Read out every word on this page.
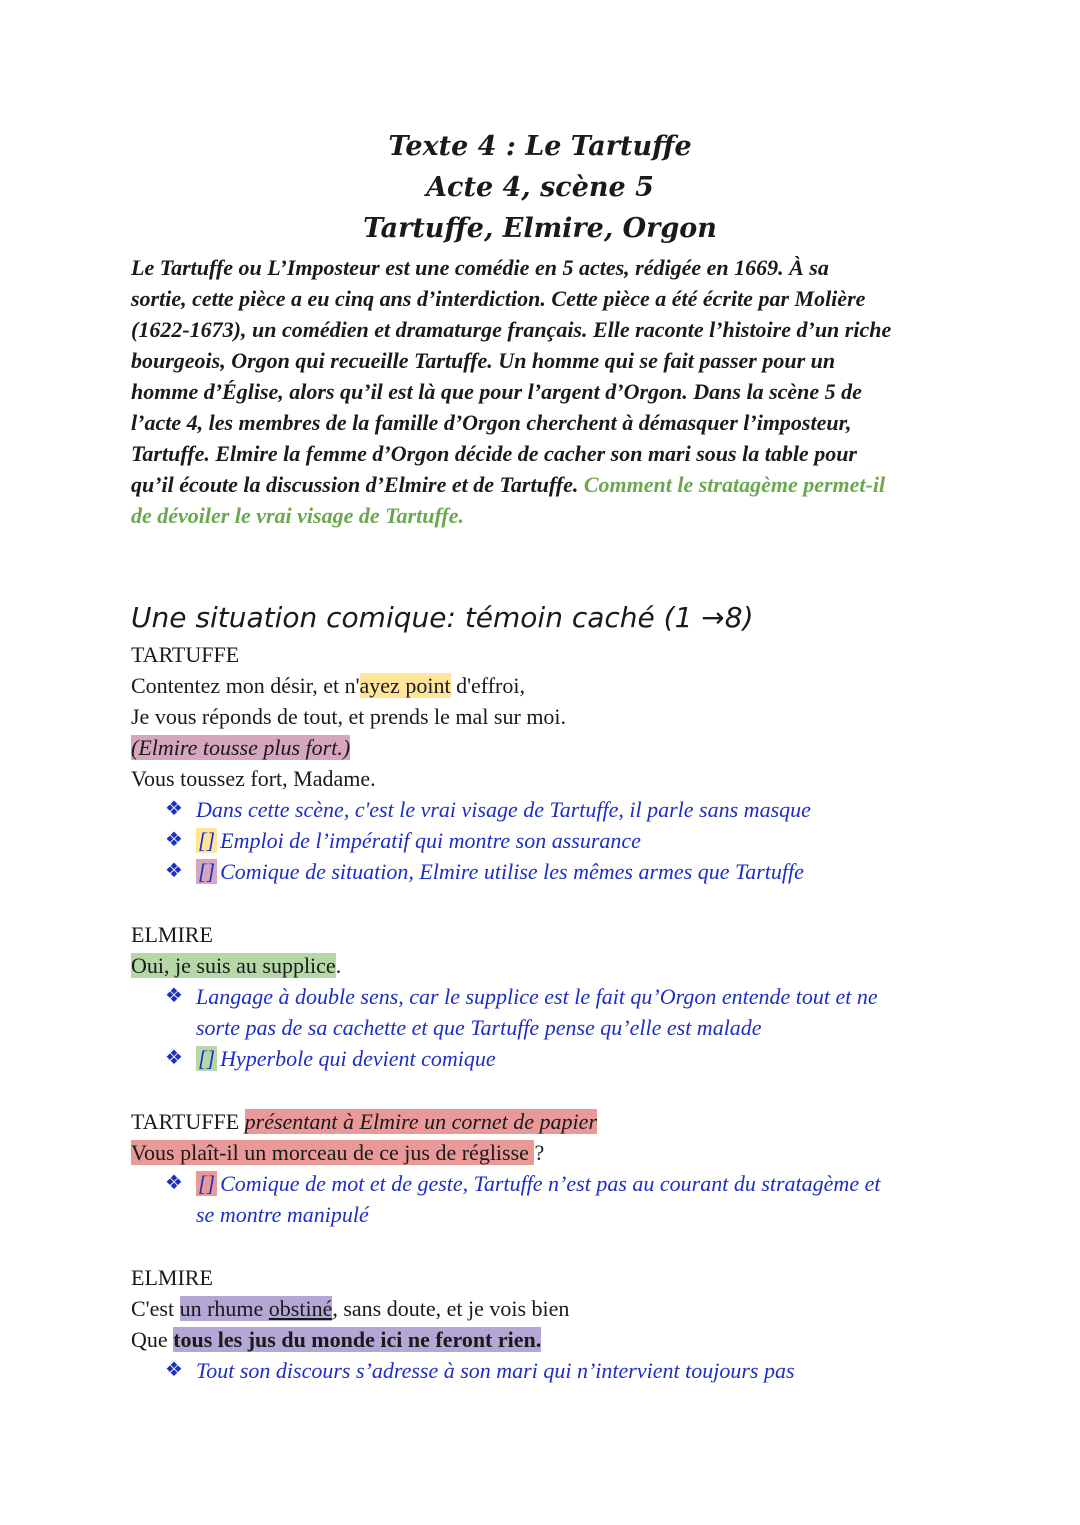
Texte 4 : Le Tartuffe
Acte 4, scène 5
Tartuffe, Elmire, Orgon
Le Tartuffe ou L’Imposteur est une comédie en 5 actes, rédigée en 1669. À sa
sortie, cette pièce a eu cinq ans d’interdiction. Cette pièce a été écrite par Molière
(1622-1673), un comédien et dramaturge français. Elle raconte l’histoire d’un riche
bourgeois, Orgon qui recueille Tartuffe. Un homme qui se fait passer pour un
homme d’Église, alors qu’il est là que pour l’argent d’Orgon. Dans la scène 5 de
l’acte 4, les membres de la famille d’Orgon cherchent à démasquer l’imposteur,
Tartuffe. Elmire la femme d’Orgon décide de cacher son mari sous la table pour
qu’il écoute la discussion d’Elmire et de Tartuffe. Comment le stratagème permet-il
de dévoiler le vrai visage de Tartuffe.
Une situation comique: témoin caché (1 →8)
TARTUFFE
Contentez mon désir, et n'ayez point d'effroi,
Je vous réponds de tout, et prends le mal sur moi.
(Elmire tousse plus fort.)
Vous toussez fort, Madame.
❖ Dans cette scène, c'est le vrai visage de Tartuffe, il parle sans masque
❖ [] Emploi de l’impératif qui montre son assurance
❖ [] Comique de situation, Elmire utilise les mêmes armes que Tartuffe
ELMIRE
Oui, je suis au supplice.
❖ Langage à double sens, car le supplice est le fait qu’Orgon entende tout et ne
sorte pas de sa cachette et que Tartuffe pense qu’elle est malade
❖ [] Hyperbole qui devient comique
TARTUFFE présentant à Elmire un cornet de papier
Vous plaît-il un morceau de ce jus de réglisse ?
❖ [] Comique de mot et de geste, Tartuffe n’est pas au courant du stratagème et
se montre manipulé
ELMIRE
C'est un rhume obstiné, sans doute, et je vois bien
Que tous les jus du monde ici ne feront rien.
❖ Tout son discours s’adresse à son mari qui n’intervient toujours pas
